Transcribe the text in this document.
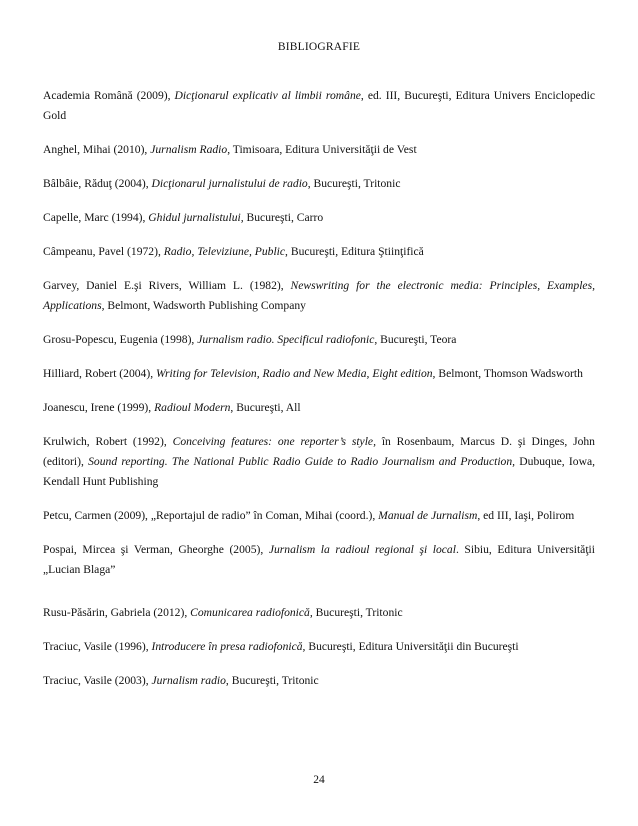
BIBLIOGRAFIE

Academia Română (2009), Dicţionarul explicativ al limbii române, ed. III, Bucureşti, Editura Univers Enciclopedic Gold

Anghel, Mihai (2010), Jurnalism Radio, Timisoara, Editura Universităţii de Vest

Bâlbâie, Răduţ (2004), Dicţionarul jurnalistului de radio, Bucureşti, Tritonic

Capelle, Marc (1994), Ghidul jurnalistului, Bucureşti, Carro

Câmpeanu, Pavel (1972), Radio, Televiziune, Public, Bucureşti, Editura Ştiinţifică

Garvey, Daniel E.şi Rivers, William L. (1982), Newswriting for the electronic media: Principles, Examples, Applications, Belmont, Wadsworth Publishing Company

Grosu-Popescu, Eugenia (1998), Jurnalism radio. Specificul radiofonic, Bucureşti, Teora

Hilliard, Robert (2004), Writing for Television, Radio and New Media, Eight edition, Belmont, Thomson Wadsworth

Joanescu, Irene (1999), Radioul Modern, Bucureşti, All

Krulwich, Robert (1992), Conceiving features: one reporter’s style, în Rosenbaum, Marcus D. şi Dinges, John (editori), Sound reporting. The National Public Radio Guide to Radio Journalism and Production, Dubuque, Iowa, Kendall Hunt Publishing

Petcu, Carmen (2009), „Reportajul de radio” în Coman, Mihai (coord.), Manual de Jurnalism, ed III, Iaşi, Polirom

Pospai, Mircea şi Verman, Gheorghe (2005), Jurnalism la radioul regional şi local. Sibiu, Editura Universităţii „Lucian Blaga”

Rusu-Păsărin, Gabriela (2012), Comunicarea radiofonică, Bucureşti, Tritonic

Traciuc, Vasile (1996), Introducere în presa radiofonică, Bucureşti, Editura Universităţii din Bucureşti

Traciuc, Vasile (2003), Jurnalism radio, Bucureşti, Tritonic

24
